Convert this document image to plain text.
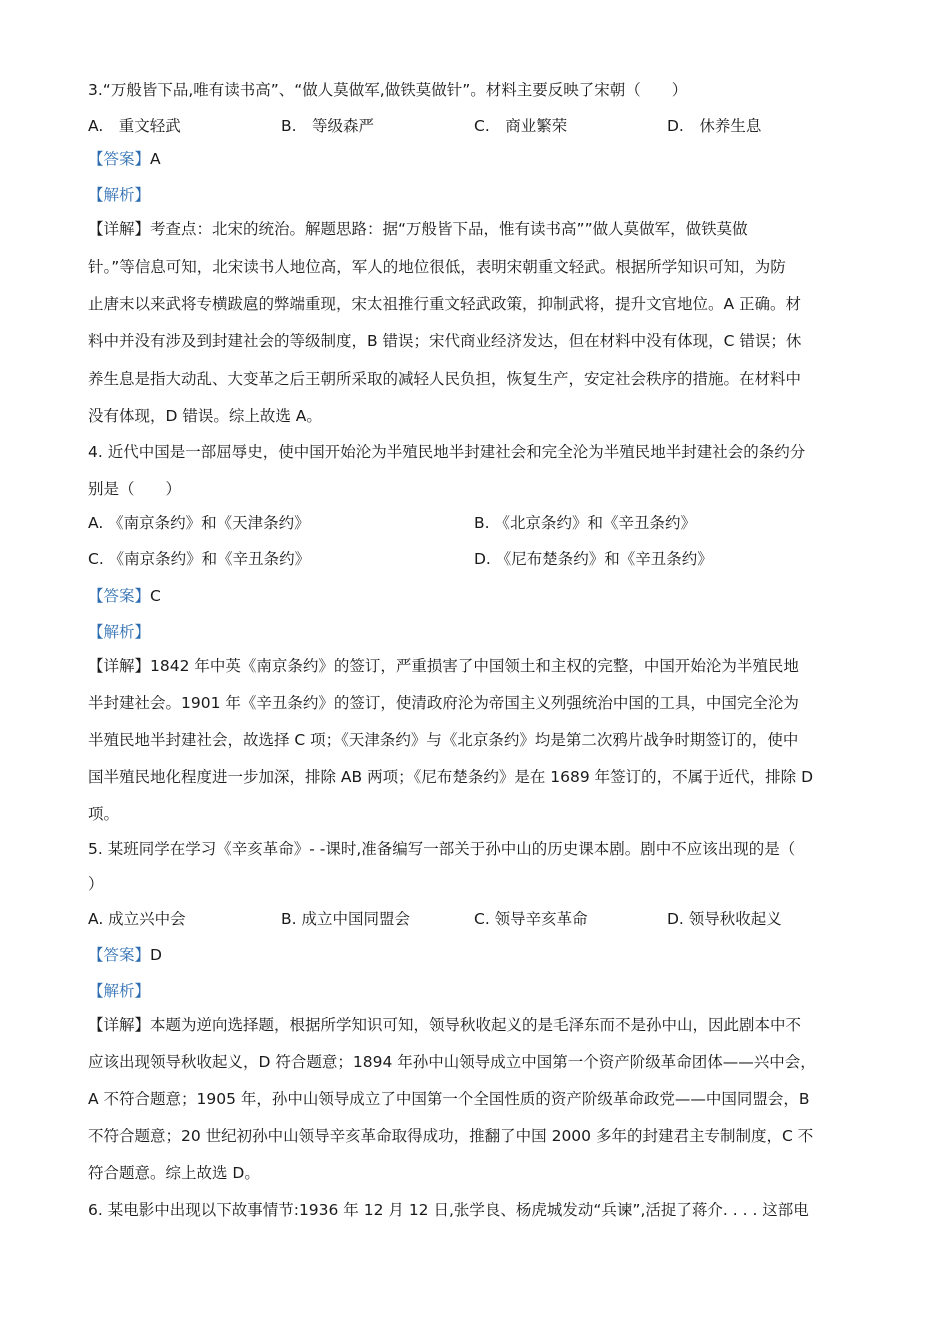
3.“万般皆下品,唯有读书高”、“做人莫做军,做铁莫做针”。材料主要反映了宋朝（　　）
A.　重文轻武	B.　等级森严	C.　商业繁荣	D.　休养生息
【答案】A
【解析】
【详解】考查点：北宋的统治。解题思路：据“万般皆下品，惟有读书高””做人莫做军，做铁莫做
针。”等信息可知，北宋读书人地位高，军人的地位很低，表明宋朝重文轻武。根据所学知识可知，为防
止唐末以来武将专横跋扈的弊端重现，宋太祖推行重文轻武政策，抑制武将，提升文官地位。A 正确。材
料中并没有涉及到封建社会的等级制度，B 错误；宋代商业经济发达，但在材料中没有体现，C 错误；休
养生息是指大动乱、大变革之后王朝所采取的减轻人民负担，恢复生产，安定社会秩序的措施。在材料中
没有体现，D 错误。综上故选 A。
4. 近代中国是一部屈辱史，使中国开始沦为半殖民地半封建社会和完全沦为半殖民地半封建社会的条约分
别是（　　）
A. 《南京条约》和《天津条约》	B. 《北京条约》和《辛丑条约》
C. 《南京条约》和《辛丑条约》	D. 《尼布楚条约》和《辛丑条约》
【答案】C
【解析】
【详解】1842 年中英《南京条约》的签订，严重损害了中国领土和主权的完整，中国开始沦为半殖民地
半封建社会。1901 年《辛丑条约》的签订，使清政府沦为帝国主义列强统治中国的工具，中国完全沦为
半殖民地半封建社会，故选择 C 项；《天津条约》与《北京条约》均是第二次鸦片战争时期签订的，使中
国半殖民地化程度进一步加深，排除 AB 两项；《尼布楚条约》是在 1689 年签订的，不属于近代，排除 D
项。
5. 某班同学在学习《辛亥革命》- -课时,准备编写一部关于孙中山的历史课本剧。剧中不应该出现的是（
）
A. 成立兴中会	B. 成立中国同盟会	C. 领导辛亥革命	D. 领导秋收起义
【答案】D
【解析】
【详解】本题为逆向选择题，根据所学知识可知，领导秋收起义的是毛泽东而不是孙中山，因此剧本中不
应该出现领导秋收起义，D 符合题意；1894 年孙中山领导成立中国第一个资产阶级革命团体——兴中会，
A 不符合题意；1905 年，孙中山领导成立了中国第一个全国性质的资产阶级革命政党——中国同盟会，B
不符合题意；20 世纪初孙中山领导辛亥革命取得成功，推翻了中国 2000 多年的封建君主专制制度，C 不
符合题意。综上故选 D。
6. 某电影中出现以下故事情节:1936 年 12 月 12 日,张学良、杨虎城发动“兵谏”,活捉了蒋介. . . . 这部电
